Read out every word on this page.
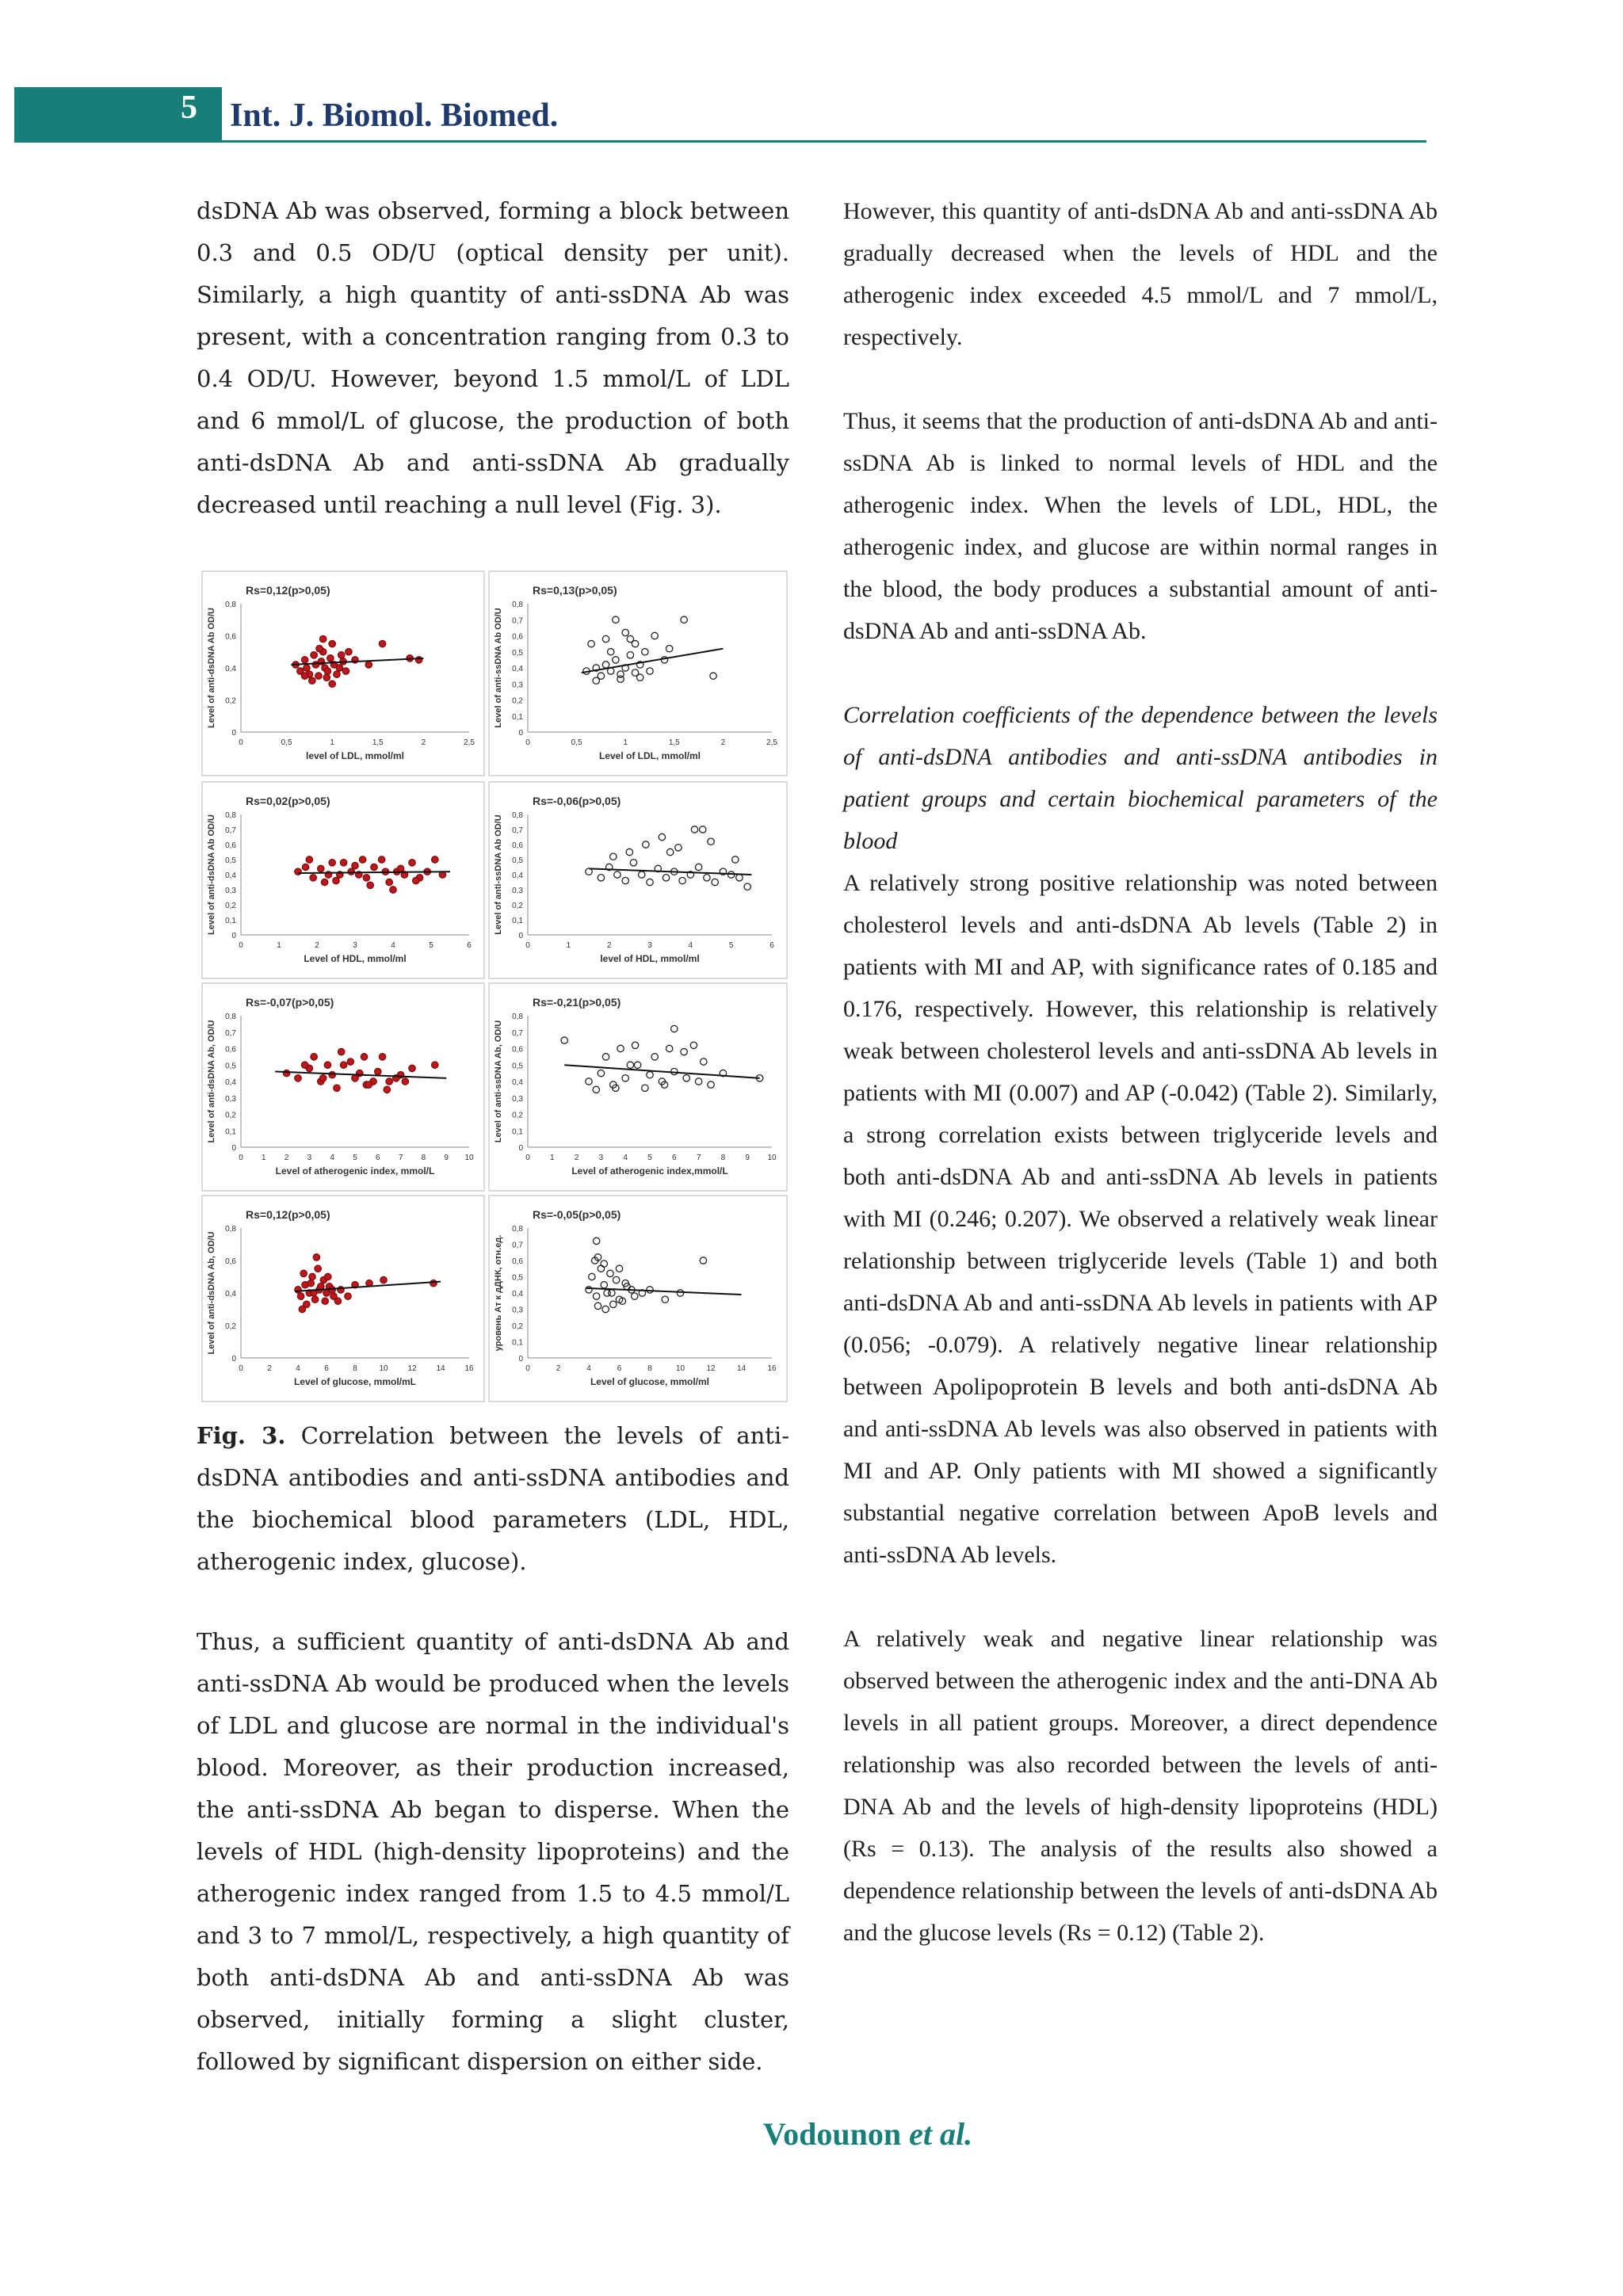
5 Int. J. Biomol. Biomed.

dsDNA Ab was observed, forming a block between 0.3 and 0.5 OD/U (optical density per unit). Similarly, a high quantity of anti-ssDNA Ab was present, with a concentration ranging from 0.3 to 0.4 OD/U. However, beyond 1.5 mmol/L of LDL and 6 mmol/L of glucose, the production of both anti-dsDNA Ab and anti-ssDNA Ab gradually decreased until reaching a null level (Fig. 3).

Rs=0,12(p>0,05)
0
0,2
0,4
0,6
0,8
0	0,5	1	1,5	2	2,5
level of LDL, mmol/ml
Level of anti-dsDNA Ab OD/U
Rs=0,13(p>0,05)
0
0,1
0,2
0,3
0,4
0,5
0,6
0,7
0,8
0	0,5	1	1,5	2	2,5
Level of LDL, mmol/ml
Level of anti-ssDNA Ab OD/U
Rs=0,02(p>0,05)
0
0,1
0,2
0,3
0,4
0,5
0,6
0,7
0,8
0	1	2	3	4	5	6
Level of HDL, mmol/ml
Level of anti-dsDNA Ab OD/U
Rs=-0,06(p>0,05)
0
0,1
0,2
0,3
0,4
0,5
0,6
0,7
0,8
0	1	2	3	4	5	6
level of HDL, mmol/ml
Level of anti-ssDNA Ab OD/U
Rs=-0,07(p>0,05)
0
0,1
0,2
0,3
0,4
0,5
0,6
0,7
0,8
0 1 2 3 4 5 6 7 8 9 10
Level of atherogenic index, mmol/L
Level of anti-dsDNA Ab, OD/U
Rs=-0,21(p>0,05)
0
0,1
0,2
0,3
0,4
0,5
0,6
0,7
0,8
0	1	2	3	4	5	6	7	8	9 10
Level of atherogenic index,mmol/L
Level of anti-ssDNA Ab, OD/U
Rs=0,12(p>0,05)
0
0,2
0,4
0,6
0,8
0	2	4	6	8	10 12 14 16
Level of glucose, mmol/mL
Level of anti-dsDNA Ab, OD/U
Rs=-0,05(p>0,05)
0
0,1
0,2
0,3
0,4
0,5
0,6
0,7
0,8
0	2	4	6	8	10	12	14	16
Level of glucose, mmol/ml
уровень Ат к дДНК, отн.ед.
Fig. 3. Correlation between the levels of anti-dsDNA antibodies and anti-ssDNA antibodies and the biochemical blood parameters (LDL, HDL, atherogenic index, glucose).

Thus, a sufficient quantity of anti-dsDNA Ab and anti-ssDNA Ab would be produced when the levels of LDL and glucose are normal in the individual's blood. Moreover, as their production increased, the anti-ssDNA Ab began to disperse. When the levels of HDL (high-density lipoproteins) and the atherogenic index ranged from 1.5 to 4.5 mmol/L and 3 to 7 mmol/L, respectively, a high quantity of both anti-dsDNA Ab and anti-ssDNA Ab was observed, initially forming a slight cluster, followed by significant dispersion on either side.

However, this quantity of anti-dsDNA Ab and anti-ssDNA Ab gradually decreased when the levels of HDL and the atherogenic index exceeded 4.5 mmol/L and 7 mmol/L, respectively.

Thus, it seems that the production of anti-dsDNA Ab and anti-ssDNA Ab is linked to normal levels of HDL and the atherogenic index. When the levels of LDL, HDL, the atherogenic index, and glucose are within normal ranges in the blood, the body produces a substantial amount of anti-dsDNA Ab and anti-ssDNA Ab.

Correlation coefficients of the dependence between the levels of anti-dsDNA antibodies and anti-ssDNA antibodies in patient groups and certain biochemical parameters of the blood

A relatively strong positive relationship was noted between cholesterol levels and anti-dsDNA Ab levels (Table 2) in patients with MI and AP, with significance rates of 0.185 and 0.176, respectively. However, this relationship is relatively weak between cholesterol levels and anti-ssDNA Ab levels in patients with MI (0.007) and AP (-0.042) (Table 2). Similarly, a strong correlation exists between triglyceride levels and both anti-dsDNA Ab and anti-ssDNA Ab levels in patients with MI (0.246; 0.207). We observed a relatively weak linear relationship between triglyceride levels (Table 1) and both anti-dsDNA Ab and anti-ssDNA Ab levels in patients with AP (0.056; -0.079). A relatively negative linear relationship between Apolipoprotein B levels and both anti-dsDNA Ab and anti-ssDNA Ab levels was also observed in patients with MI and AP. Only patients with MI showed a significantly substantial negative correlation between ApoB levels and anti-ssDNA Ab levels.

A relatively weak and negative linear relationship was observed between the atherogenic index and the anti-DNA Ab levels in all patient groups. Moreover, a direct dependence relationship was also recorded between the levels of anti-DNA Ab and the levels of high-density lipoproteins (HDL) (Rs = 0.13). The analysis of the results also showed a dependence relationship between the levels of anti-dsDNA Ab and the glucose levels (Rs = 0.12) (Table 2).

Vodounon et al.
